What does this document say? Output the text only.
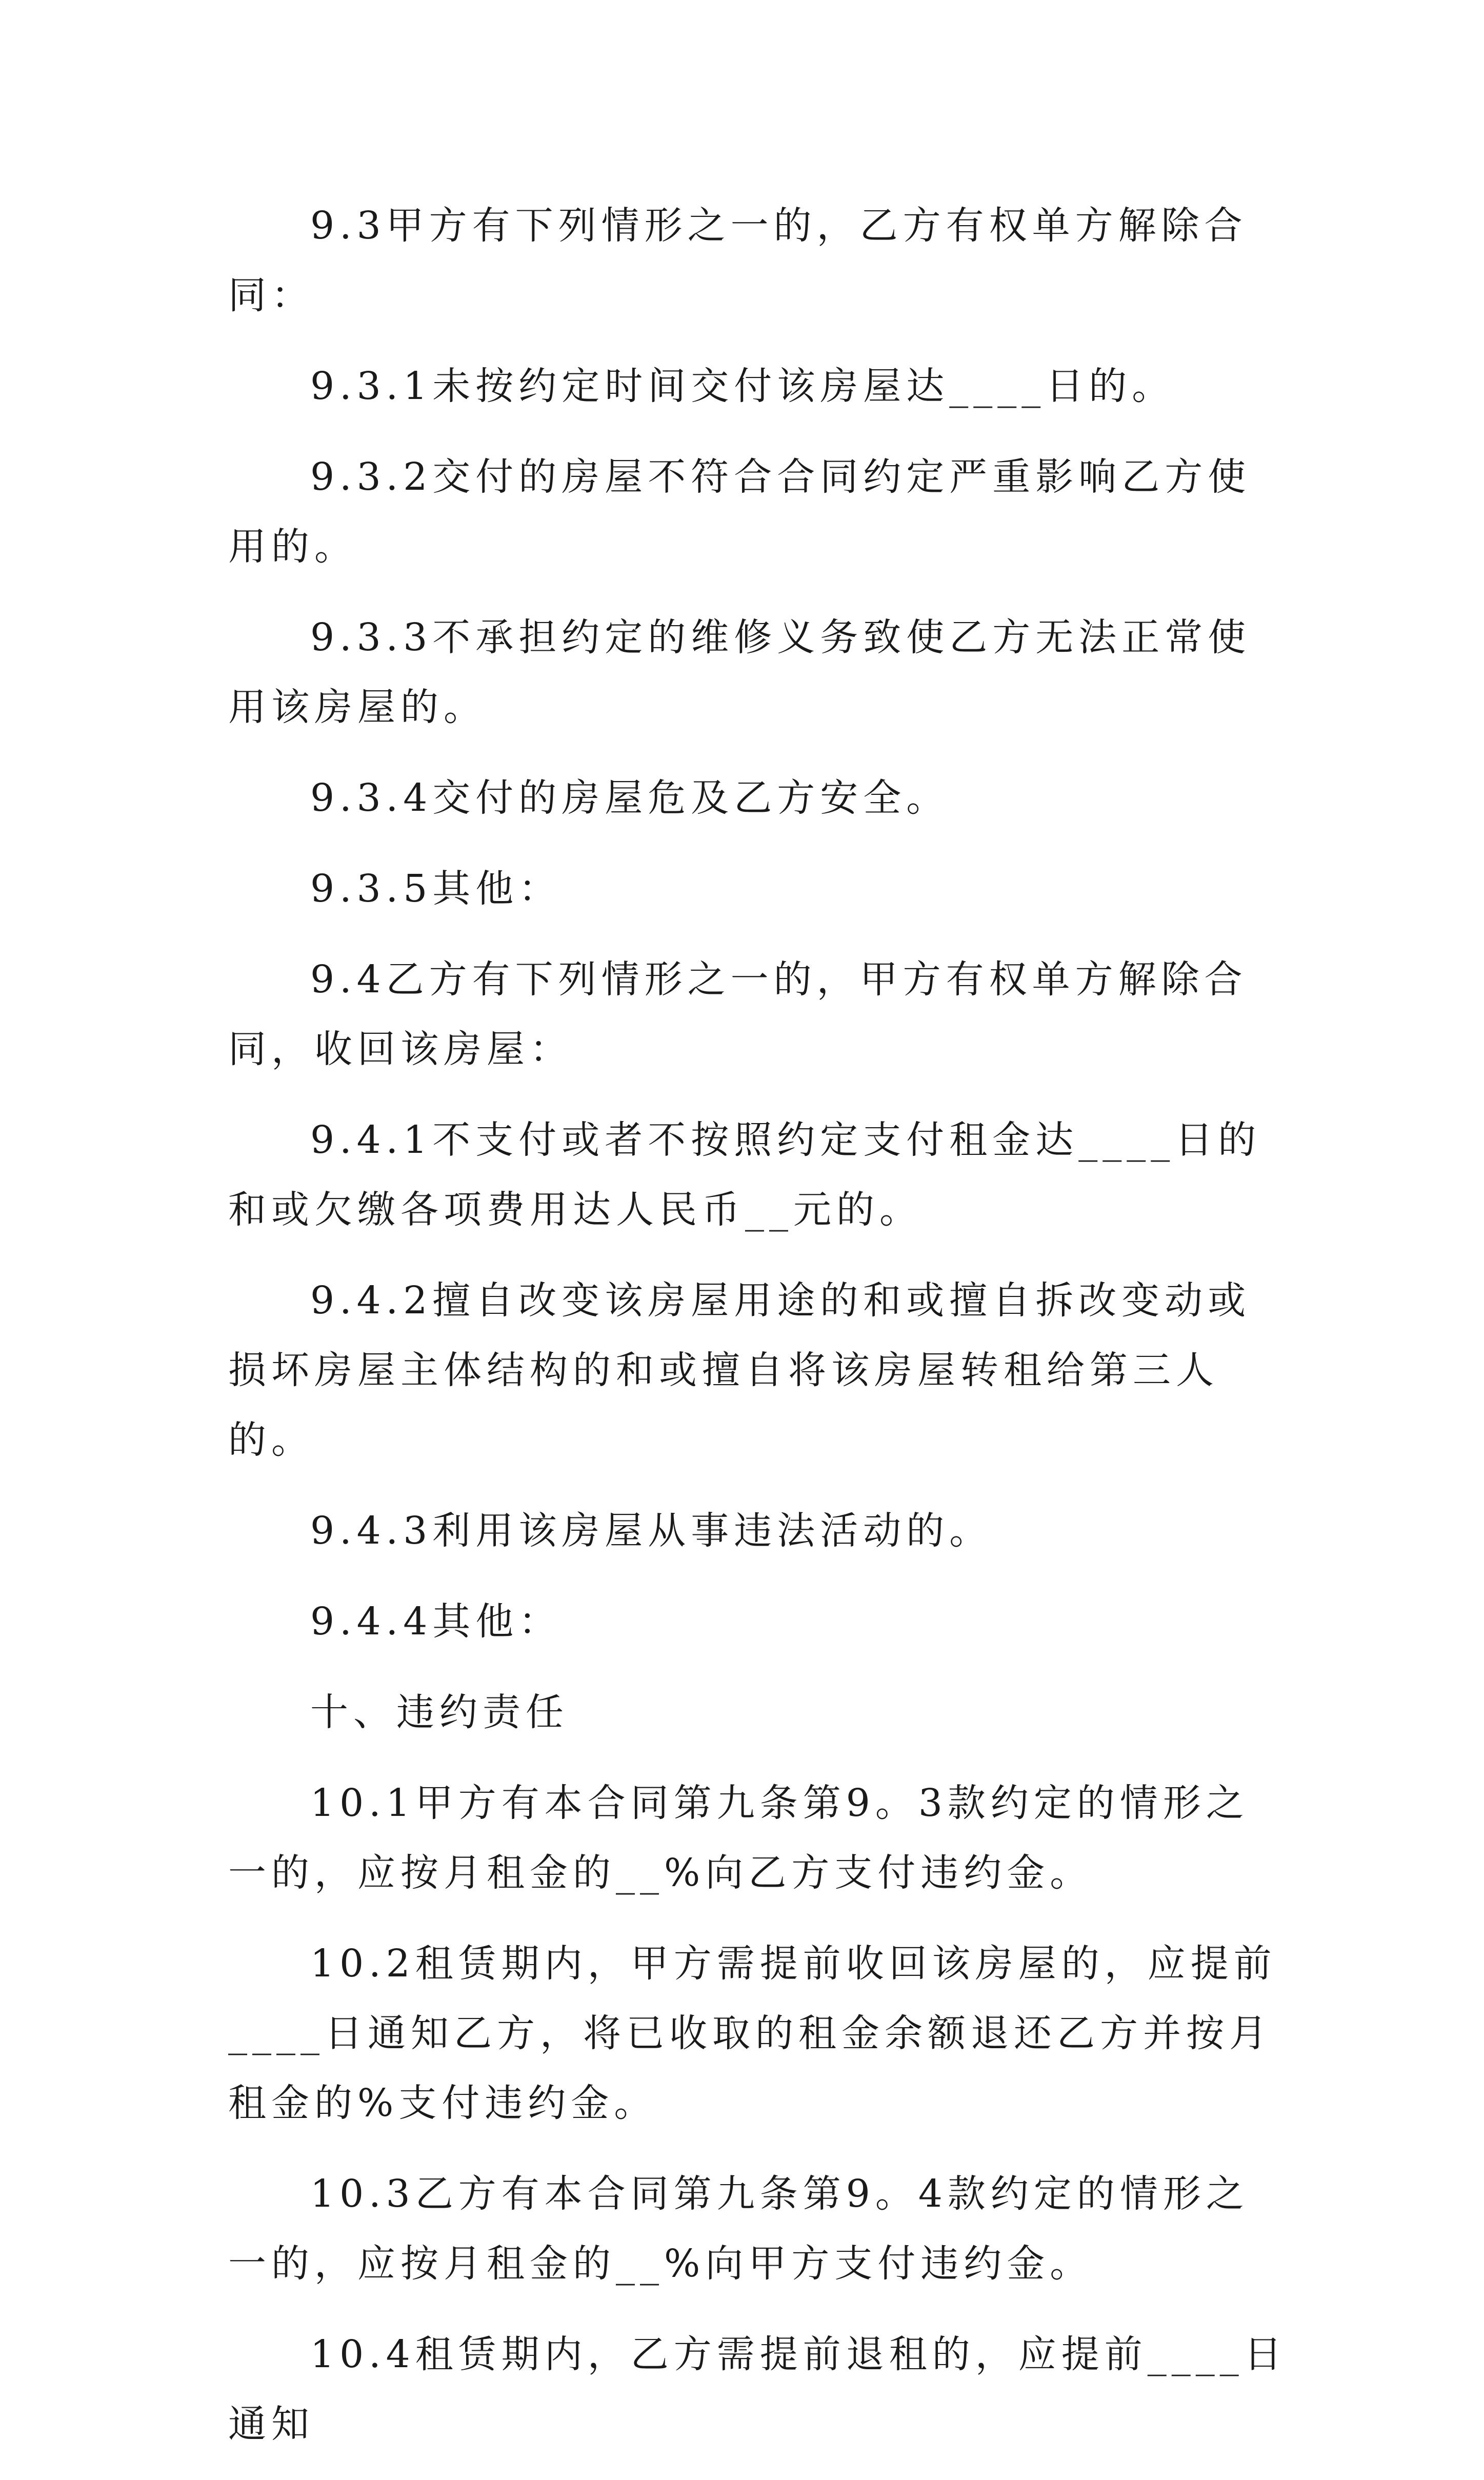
9.3甲方有下列情形之一的，乙方有权单方解除合同：

9.3.1未按约定时间交付该房屋达____日的。

9.3.2交付的房屋不符合合同约定严重影响乙方使用的。

9.3.3不承担约定的维修义务致使乙方无法正常使用该房屋的。

9.3.4交付的房屋危及乙方安全。

9.3.5其他：

9.4乙方有下列情形之一的，甲方有权单方解除合同，收回该房屋：

9.4.1不支付或者不按照约定支付租金达____日的和或欠缴各项费用达人民币__元的。

9.4.2擅自改变该房屋用途的和或擅自拆改变动或损坏房屋主体结构的和或擅自将该房屋转租给第三人的。

9.4.3利用该房屋从事违法活动的。

9.4.4其他：

十、违约责任

10.1甲方有本合同第九条第9。3款约定的情形之一的，应按月租金的__%向乙方支付违约金。

10.2租赁期内，甲方需提前收回该房屋的，应提前____日通知乙方，将已收取的租金余额退还乙方并按月租金的%支付违约金。

10.3乙方有本合同第九条第9。4款约定的情形之一的，应按月租金的__%向甲方支付违约金。

10.4租赁期内，乙方需提前退租的，应提前____日通知
